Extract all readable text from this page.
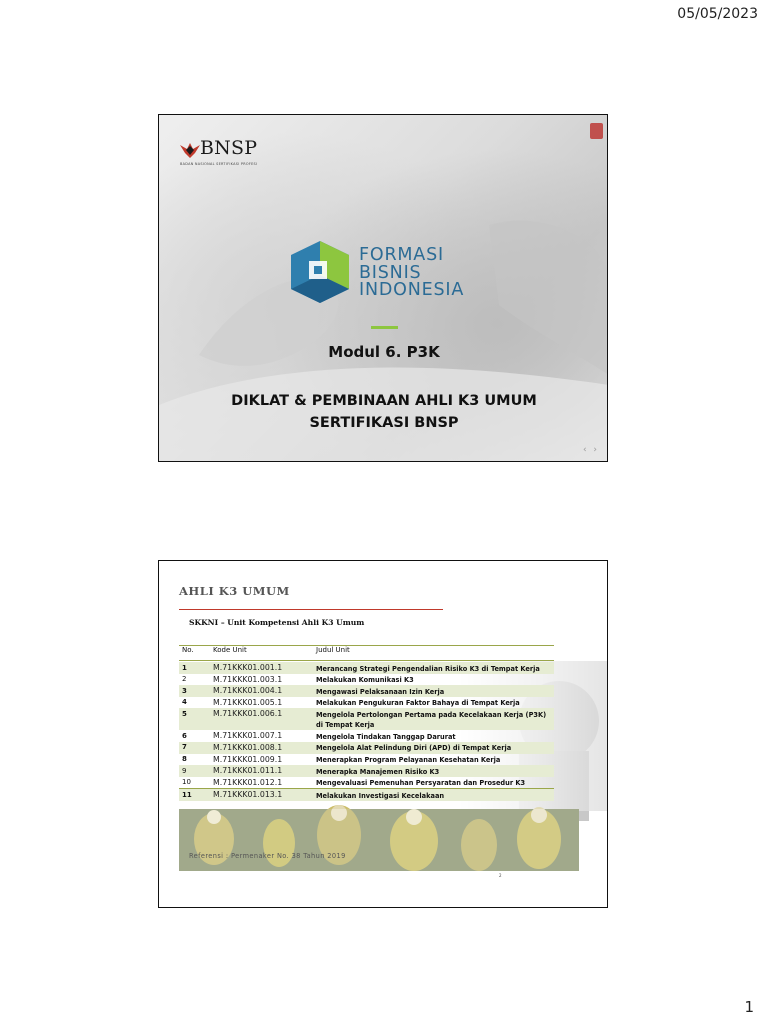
05/05/2023
BNSP
BADAN NASIONAL SERTIFIKASI PROFESI
FORMASI
BISNIS
INDONESIA
Modul 6. P3K
DIKLAT & PEMBINAAN AHLI K3 UMUM
SERTIFIKASI BNSP
‹ ›
AHLI K3 UMUM
SKKNI – Unit Kompetensi Ahli K3 Umum
No.	Kode Unit	Judul Unit
1	M.71KKK01.001.1	Merancang Strategi Pengendalian Risiko K3 di Tempat Kerja
2	M.71KKK01.003.1	Melakukan Komunikasi K3
3	M.71KKK01.004.1	Mengawasi Pelaksanaan Izin Kerja
4	M.71KKK01.005.1	Melakukan Pengukuran Faktor Bahaya di Tempat Kerja
5	M.71KKK01.006.1	Mengelola Pertolongan Pertama pada Kecelakaan Kerja (P3K) di Tempat Kerja
6	M.71KKK01.007.1	Mengelola Tindakan Tanggap Darurat
7	M.71KKK01.008.1	Mengelola Alat Pelindung Diri (APD) di Tempat Kerja
8	M.71KKK01.009.1	Menerapkan Program Pelayanan Kesehatan Kerja
9	M.71KKK01.011.1	Menerapka Manajemen Risiko K3
10	M.71KKK01.012.1	Mengevaluasi Pemenuhan Persyaratan dan Prosedur K3
11	M.71KKK01.013.1	Melakukan Investigasi Kecelakaan
Referensi : Permenaker No. 38 Tahun 2019
2
1
